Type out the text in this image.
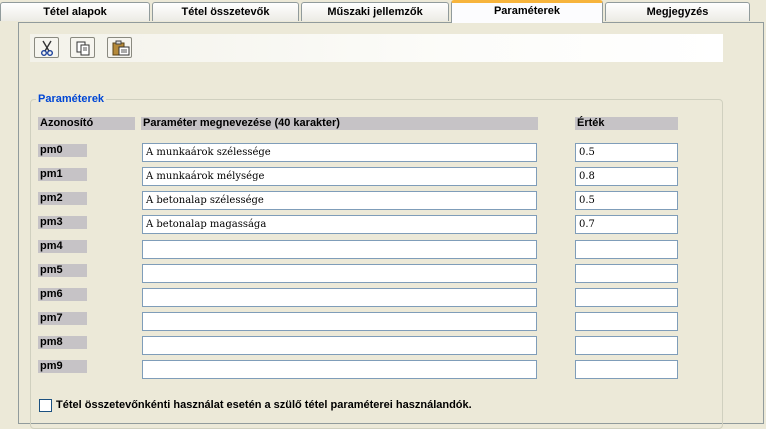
Tétel alapok	Tétel összetevők	Műszaki jellemzők	Paraméterek	Megjegyzés
Paraméterek
Azonosító	Paraméter megnevezése (40 karakter)	Érték
pm0	A munkaárok szélessége	0.5
pm1	A munkaárok mélysége	0.8
pm2	A betonalap szélessége	0.5
pm3	A betonalap magassága	0.7
pm4
pm5
pm6
pm7
pm8
pm9
Tétel összetevőnkénti használat esetén a szülő tétel paraméterei használandók.
